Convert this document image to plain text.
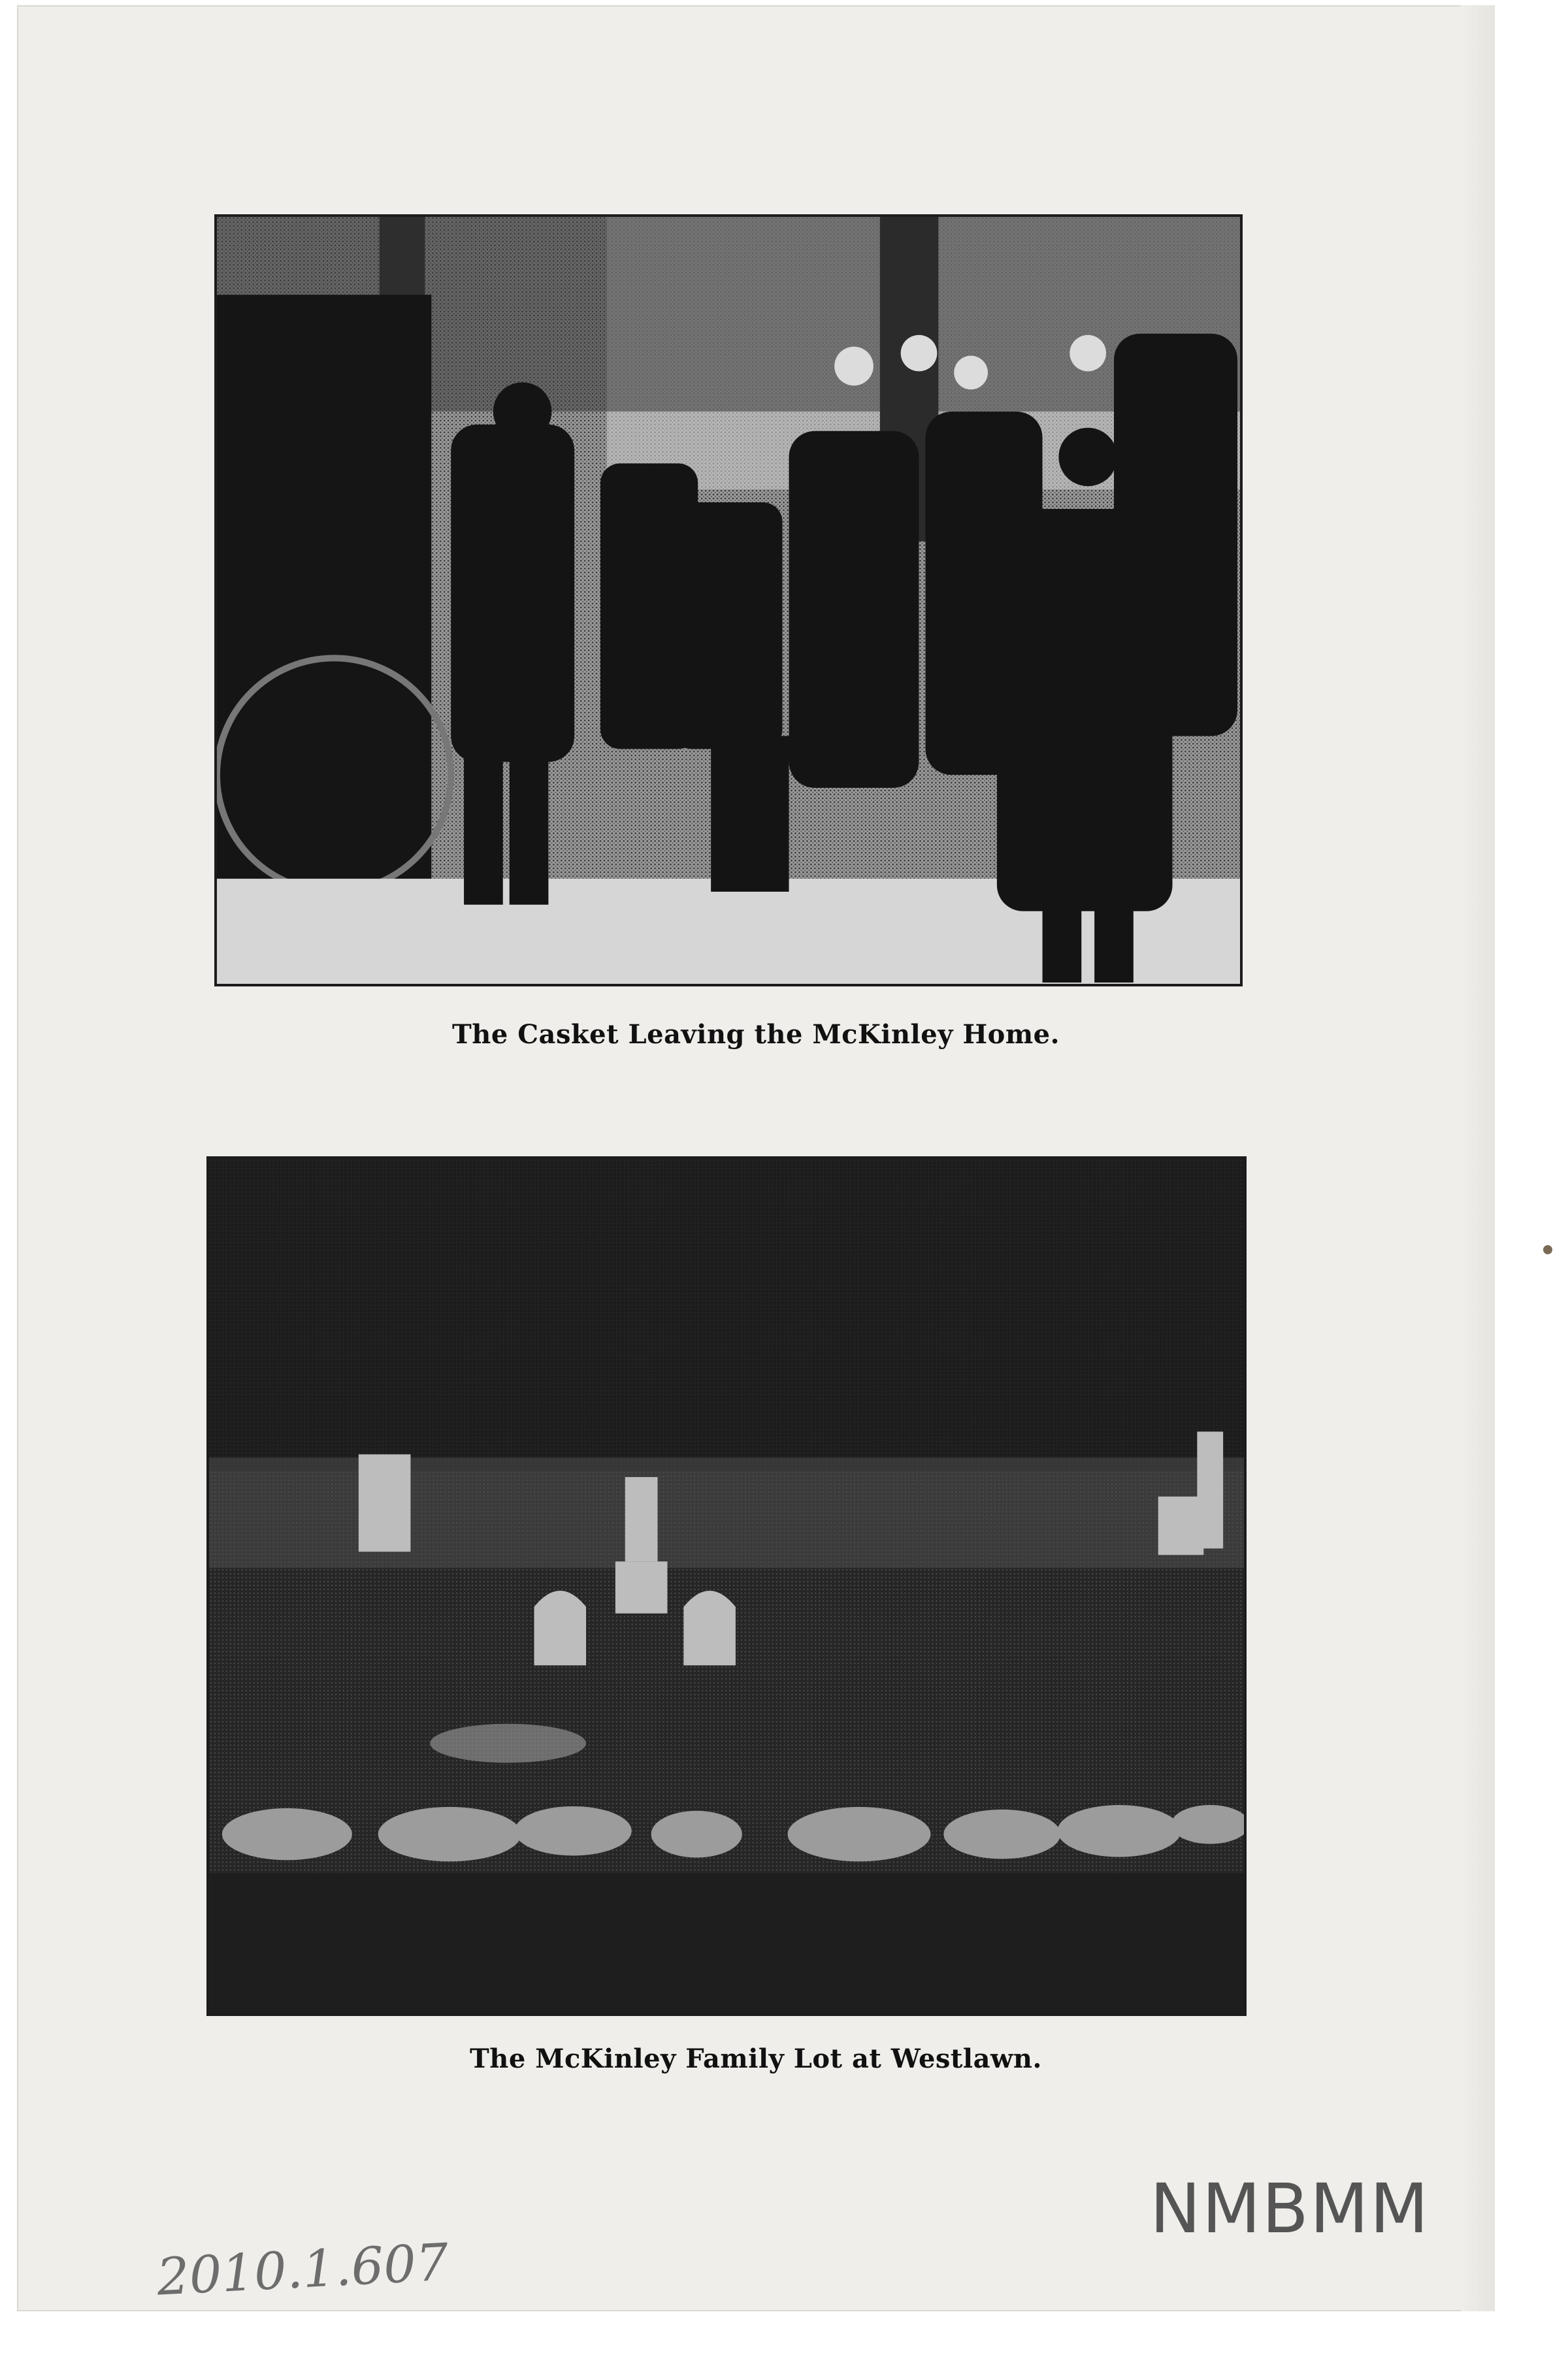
The Casket Leaving the McKinley Home.
The McKinley Family Lot at Westlawn.
NMBMM
2010.1.607
